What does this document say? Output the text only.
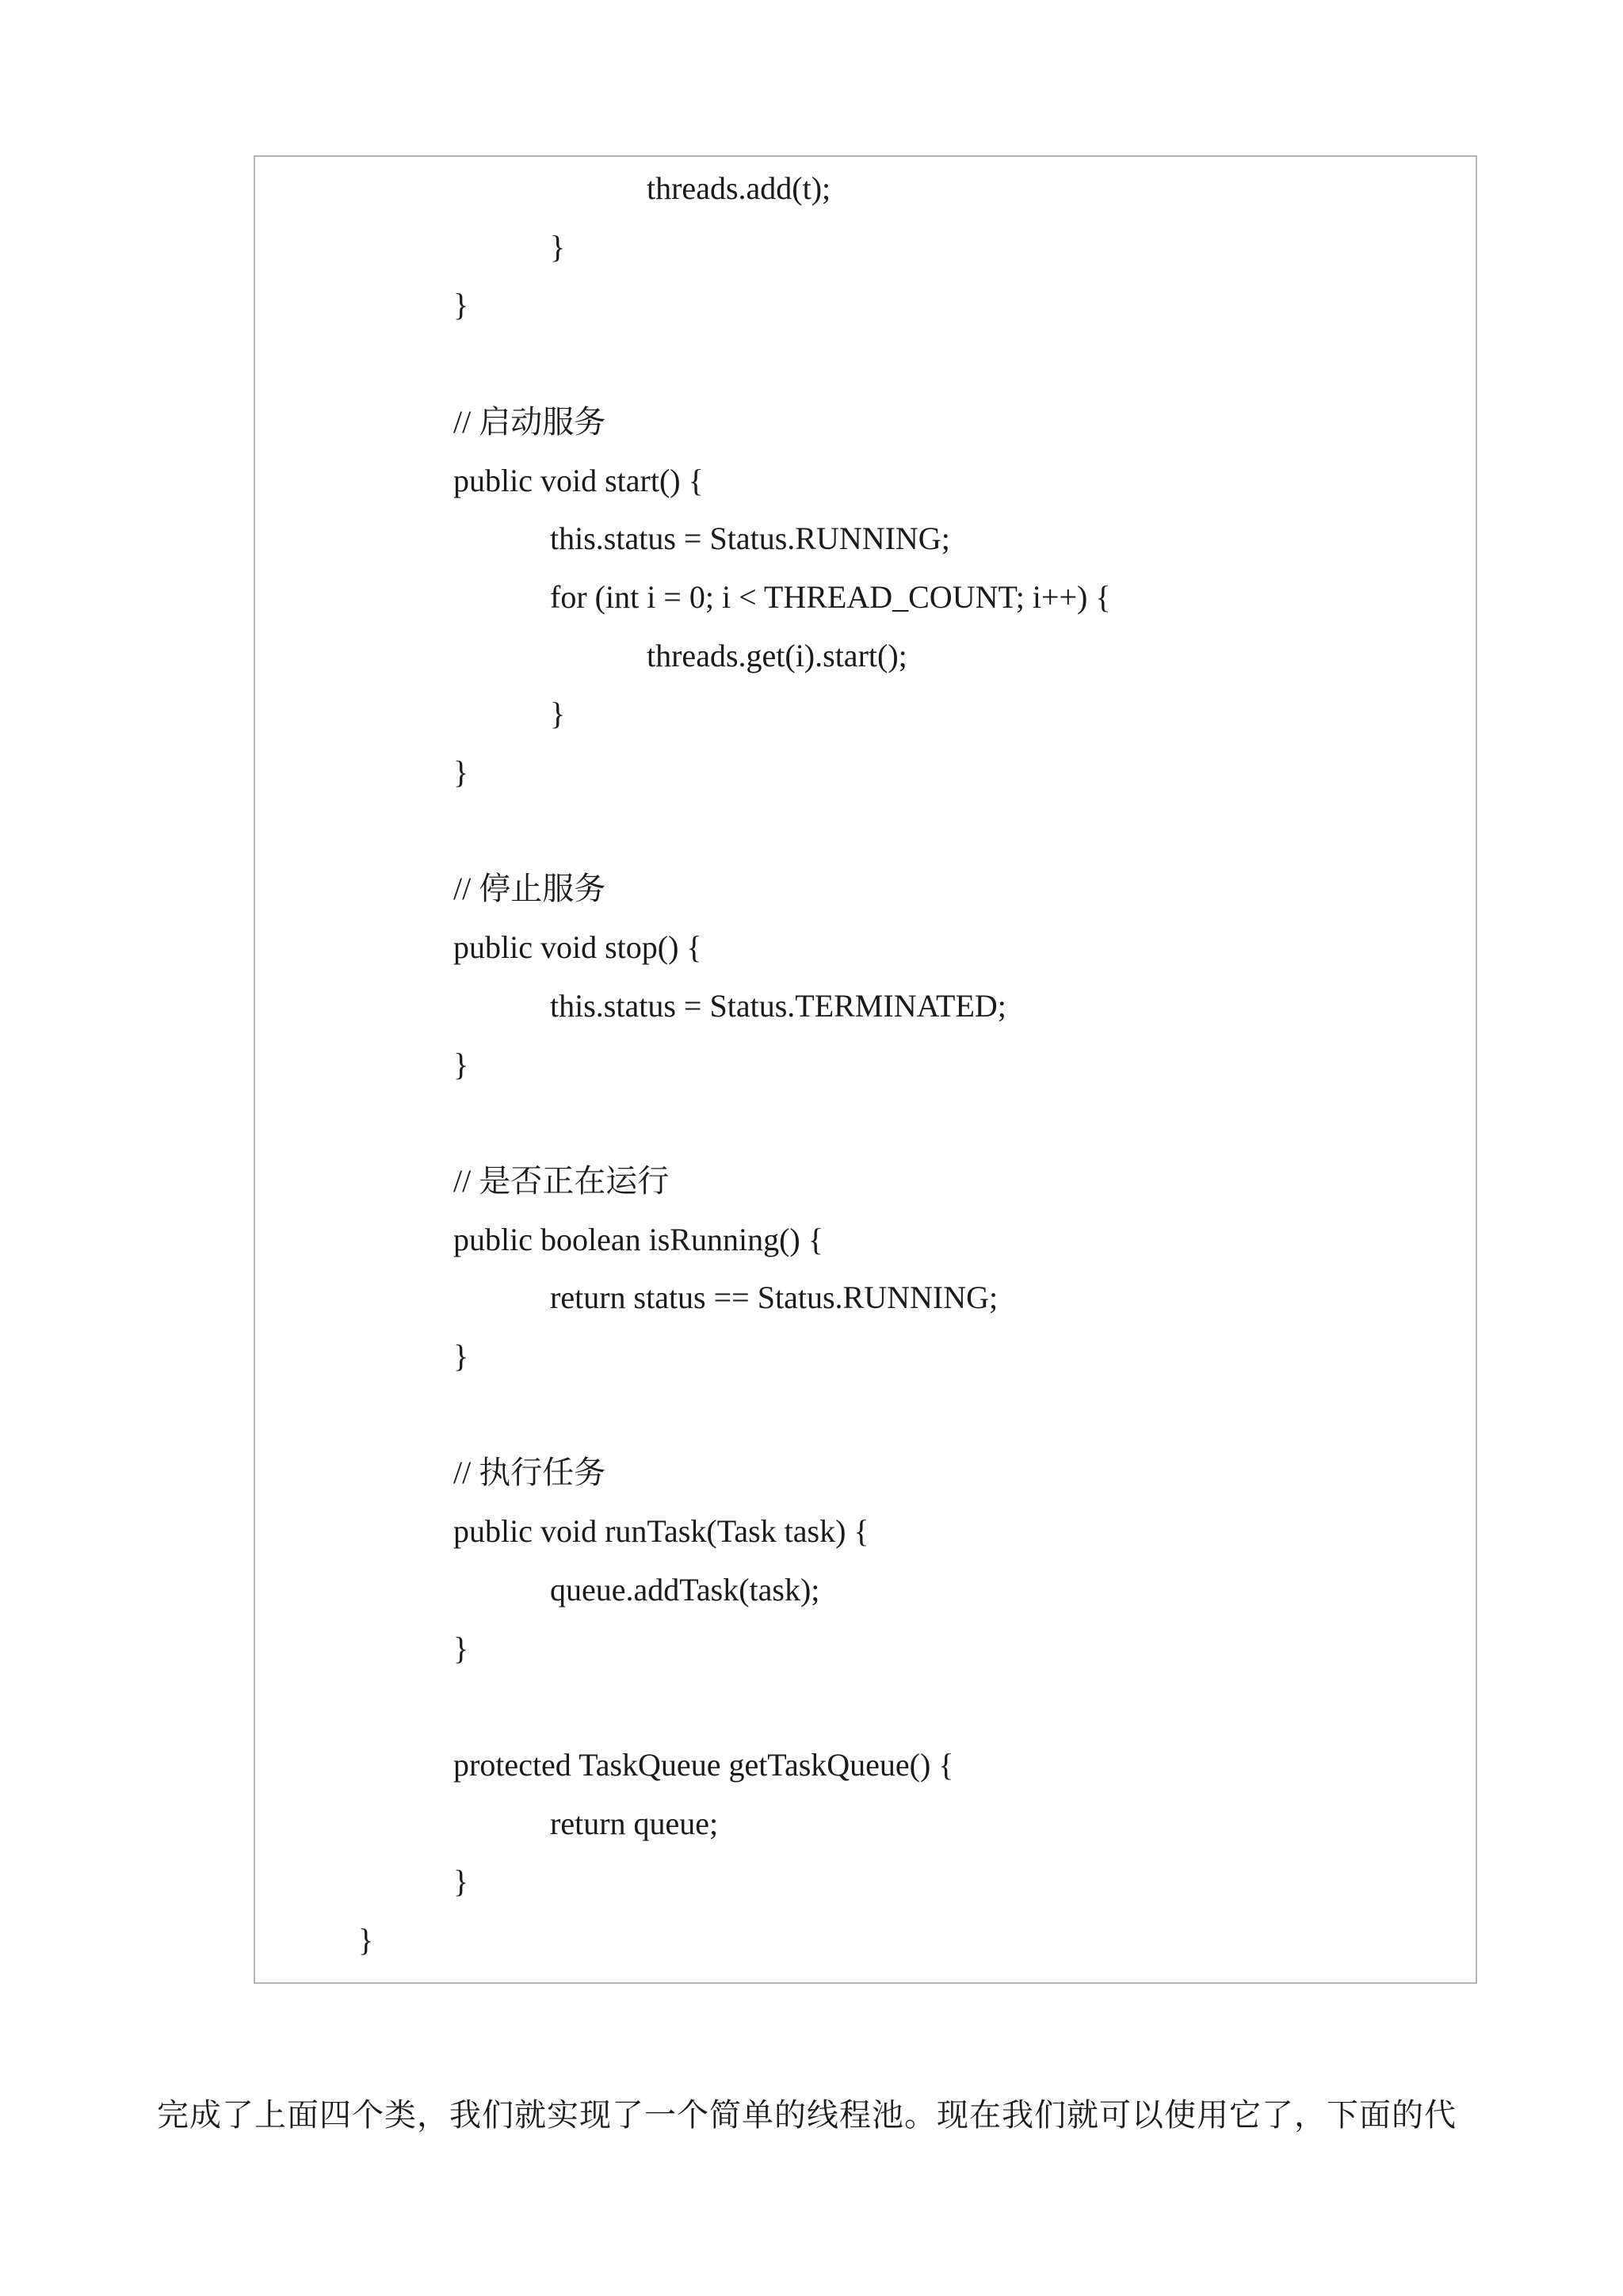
threads.add(t);
}
}
// 启动服务
public void start() {
this.status = Status.RUNNING;
for (int i = 0; i < THREAD_COUNT; i++) {
threads.get(i).start();
}
}
// 停止服务
public void stop() {
this.status = Status.TERMINATED;
}
// 是否正在运行
public boolean isRunning() {
return status == Status.RUNNING;
}
// 执行任务
public void runTask(Task task) {
queue.addTask(task);
}
protected TaskQueue getTaskQueue() {
return queue;
}
}
完成了上面四个类，我们就实现了一个简单的线程池。现在我们就可以使用它了，下面的代
